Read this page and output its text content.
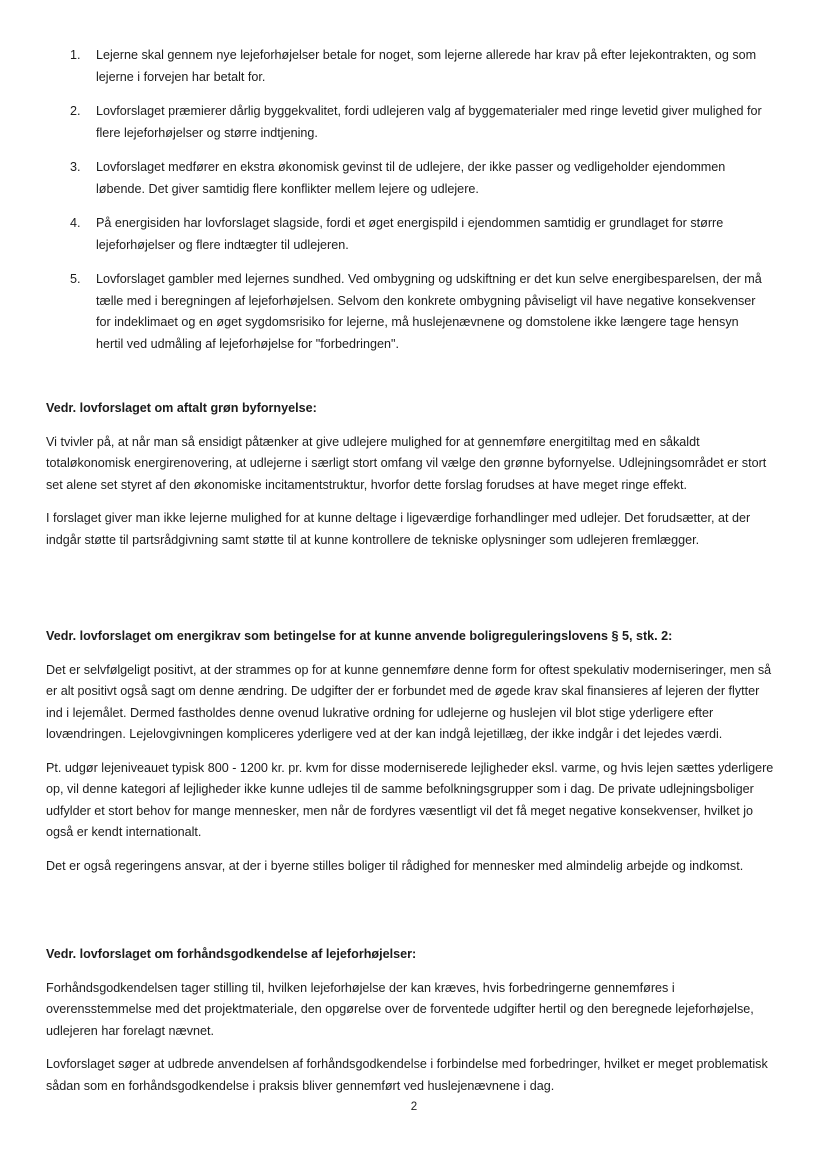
1. Lejerne skal gennem nye lejeforhøjelser betale for noget, som lejerne allerede har krav på efter lejekontrakten, og som lejerne i forvejen har betalt for.
2. Lovforslaget præmierer dårlig byggekvalitet, fordi udlejeren valg af byggematerialer med ringe levetid giver mulighed for flere lejeforhøjelser og større indtjening.
3. Lovforslaget medfører en ekstra økonomisk gevinst til de udlejere, der ikke passer og vedligeholder ejendommen løbende. Det giver samtidig flere konflikter mellem lejere og udlejere.
4. På energisiden har lovforslaget slagside, fordi et øget energispild i ejendommen samtidig er grundlaget for større lejeforhøjelser og flere indtægter til udlejeren.
5. Lovforslaget gambler med lejernes sundhed. Ved ombygning og udskiftning er det kun selve energibesparelsen, der må tælle med i beregningen af lejeforhøjelsen. Selvom den konkrete ombygning påviseligt vil have negative konsekvenser for indeklimaet og en øget sygdomsrisiko for lejerne, må huslejenævnene og domstolene ikke længere tage hensyn hertil ved udmåling af lejeforhøjelse for "forbedringen".

Vedr. lovforslaget om aftalt grøn byfornyelse:

Vi tvivler på, at når man så ensidigt påtænker at give udlejere mulighed for at gennemføre energitiltag med en såkaldt totaløkonomisk energirenovering, at udlejerne i særligt stort omfang vil vælge den grønne byfornyelse. Udlejningsområdet er stort set alene set styret af den økonomiske incitamentstruktur, hvorfor dette forslag forudses at have meget ringe effekt.

I forslaget giver man ikke lejerne mulighed for at kunne deltage i ligeværdige forhandlinger med udlejer. Det forudsætter, at der indgår støtte til partsrådgivning samt støtte til at kunne kontrollere de tekniske oplysninger som udlejeren fremlægger.

Vedr. lovforslaget om energikrav som betingelse for at kunne anvende boligreguleringslovens § 5, stk. 2:

Det er selvfølgeligt positivt, at der strammes op for at kunne gennemføre denne form for oftest spekulativ moderniseringer, men så er alt positivt også sagt om denne ændring. De udgifter der er forbundet med de øgede krav skal finansieres af lejeren der flytter ind i lejemålet. Dermed fastholdes denne ovenud lukrative ordning for udlejerne og huslejen vil blot stige yderligere efter lovændringen. Lejelovgivningen kompliceres yderligere ved at der kan indgå lejetillæg, der ikke indgår i det lejedes værdi.

Pt. udgør lejeniveauet typisk 800 - 1200 kr. pr. kvm for disse moderniserede lejligheder eksl. varme, og hvis lejen sættes yderligere op, vil denne kategori af lejligheder ikke kunne udlejes til de samme befolkningsgrupper som i dag. De private udlejningsboliger udfylder et stort behov for mange mennesker, men når de fordyres væsentligt vil det få meget negative konsekvenser, hvilket jo også er kendt internationalt.

Det er også regeringens ansvar, at der i byerne stilles boliger til rådighed for mennesker med almindelig arbejde og indkomst.

Vedr. lovforslaget om forhåndsgodkendelse af lejeforhøjelser:

Forhåndsgodkendelsen tager stilling til, hvilken lejeforhøjelse der kan kræves, hvis forbedringerne gennemføres i overensstemmelse med det projektmateriale, den opgørelse over de forventede udgifter hertil og den beregnede lejeforhøjelse, udlejeren har forelagt nævnet.

Lovforslaget søger at udbrede anvendelsen af forhåndsgodkendelse i forbindelse med forbedringer, hvilket er meget problematisk sådan som en forhåndsgodkendelse i praksis bliver gennemført ved huslejenævnene i dag.

2
